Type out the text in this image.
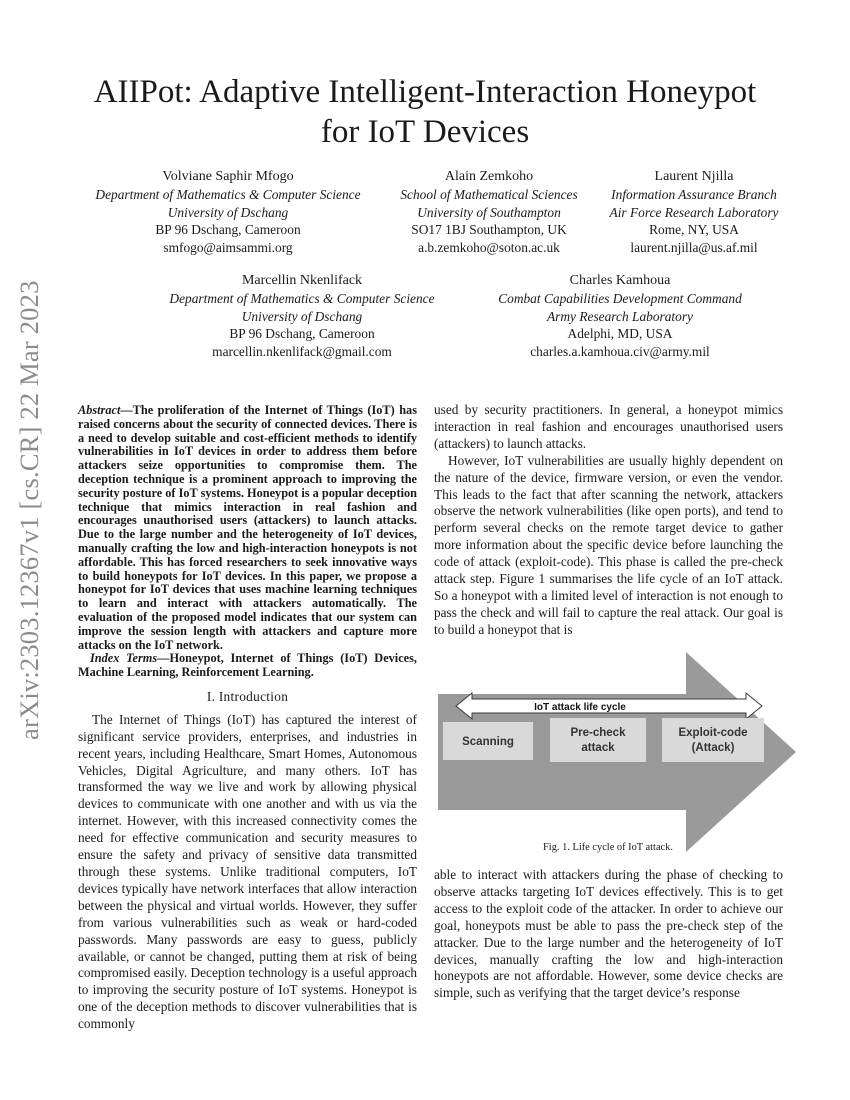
arXiv:2303.12367v1 [cs.CR] 22 Mar 2023
AIIPot: Adaptive Intelligent-Interaction Honeypot
for IoT Devices
Volviane Saphir Mfogo
Department of Mathematics & Computer Science
University of Dschang
BP 96 Dschang, Cameroon
smfogo@aimsammi.org
Alain Zemkoho
School of Mathematical Sciences
University of Southampton
SO17 1BJ Southampton, UK
a.b.zemkoho@soton.ac.uk
Laurent Njilla
Information Assurance Branch
Air Force Research Laboratory
Rome, NY, USA
laurent.njilla@us.af.mil
Marcellin Nkenlifack
Department of Mathematics & Computer Science
University of Dschang
BP 96 Dschang, Cameroon
marcellin.nkenlifack@gmail.com
Charles Kamhoua
Combat Capabilities Development Command
Army Research Laboratory
Adelphi, MD, USA
charles.a.kamhoua.civ@army.mil

Abstract—The proliferation of the Internet of Things (IoT) has raised concerns about the security of connected devices. There is a need to develop suitable and cost-efficient methods to identify vulnerabilities in IoT devices in order to address them before attackers seize opportunities to compromise them. The deception technique is a prominent approach to improving the security posture of IoT systems. Honeypot is a popular deception technique that mimics interaction in real fashion and encourages unauthorised users (attackers) to launch attacks. Due to the large number and the heterogeneity of IoT devices, manually crafting the low and high-interaction honeypots is not affordable. This has forced researchers to seek innovative ways to build honeypots for IoT devices. In this paper, we propose a honeypot for IoT devices that uses machine learning techniques to learn and interact with attackers automatically. The evaluation of the proposed model indicates that our system can improve the session length with attackers and capture more attacks on the IoT network.

Index Terms—Honeypot, Internet of Things (IoT) Devices, Machine Learning, Reinforcement Learning.

I. Introduction

The Internet of Things (IoT) has captured the interest of significant service providers, enterprises, and industries in recent years, including Healthcare, Smart Homes, Autonomous Vehicles, Digital Agriculture, and many others. IoT has transformed the way we live and work by allowing physical devices to communicate with one another and with us via the internet. However, with this increased connectivity comes the need for effective communication and security measures to ensure the safety and privacy of sensitive data transmitted through these systems. Unlike traditional computers, IoT devices typically have network interfaces that allow interaction between the physical and virtual worlds. However, they suffer from various vulnerabilities such as weak or hard-coded passwords. Many passwords are easy to guess, publicly available, or cannot be changed, putting them at risk of being compromised easily. Deception technology is a useful approach to improving the security posture of IoT systems. Honeypot is one of the deception methods to discover vulnerabilities that is commonly

used by security practitioners. In general, a honeypot mimics interaction in real fashion and encourages unauthorised users (attackers) to launch attacks.

However, IoT vulnerabilities are usually highly dependent on the nature of the device, firmware version, or even the vendor. This leads to the fact that after scanning the network, attackers observe the network vulnerabilities (like open ports), and tend to perform several checks on the remote target device to gather more information about the specific device before launching the code of attack (exploit-code). This phase is called the pre-check attack step. Figure 1 summarises the life cycle of an IoT attack. So a honeypot with a limited level of interaction is not enough to pass the check and will fail to capture the real attack. Our goal is to build a honeypot that is

IoT attack life cycle
Scanning
Pre-check
attack
Exploit-code
(Attack)
Fig. 1. Life cycle of IoT attack.

able to interact with attackers during the phase of checking to observe attacks targeting IoT devices effectively. This is to get access to the exploit code of the attacker. In order to achieve our goal, honeypots must be able to pass the pre-check step of the attacker. Due to the large number and the heterogeneity of IoT devices, manually crafting the low and high-interaction honeypots are not affordable. However, some device checks are simple, such as verifying that the target device’s response
